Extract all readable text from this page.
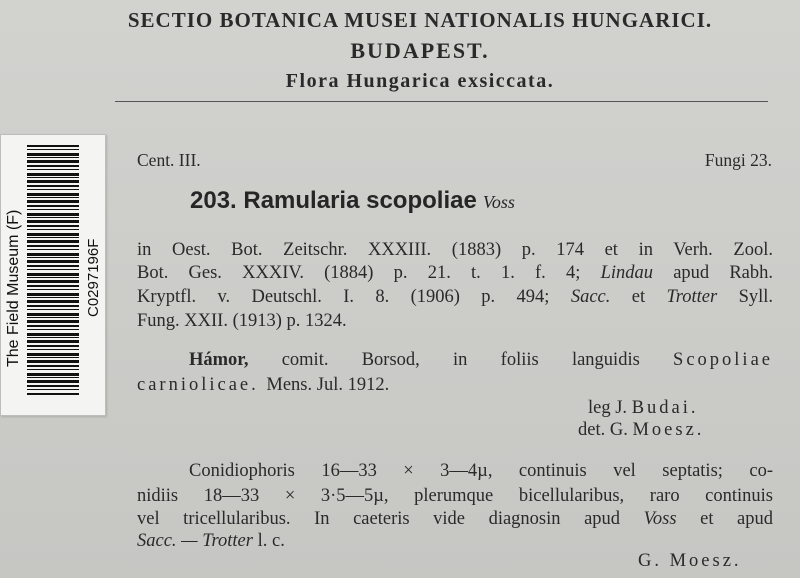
SECTIO BOTANICA MUSEI NATIONALIS HUNGARICI.
BUDAPEST.
Flora Hungarica exsiccata.
Cent. III.	Fungi 23.
203. Ramularia scopoliae Voss
in Oest. Bot. Zeitschr. XXXIII. (1883) p. 174 et in Verh. Zool.
Bot. Ges. XXXIV. (1884) p. 21. t. 1. f. 4; Lindau apud Rabh.
Kryptfl. v. Deutschl. I. 8. (1906) p. 494; Sacc. et Trotter Syll.
Fung. XXII. (1913) p. 1324.
Hámor, comit. Borsod, in foliis languidis Scopoliae
carniolicae. Mens. Jul. 1912.
leg J. Budai.
det. G. Moesz.
Conidiophoris 16—33 × 3—4µ, continuis vel septatis; co-
nidiis 18—33 × 3·5—5µ, plerumque bicellularibus, raro continuis
vel tricellularibus. In caeteris vide diagnosin apud Voss et apud
Sacc. — Trotter l. c.
G. Moesz.
The Field Museum (F)	C0297196F
